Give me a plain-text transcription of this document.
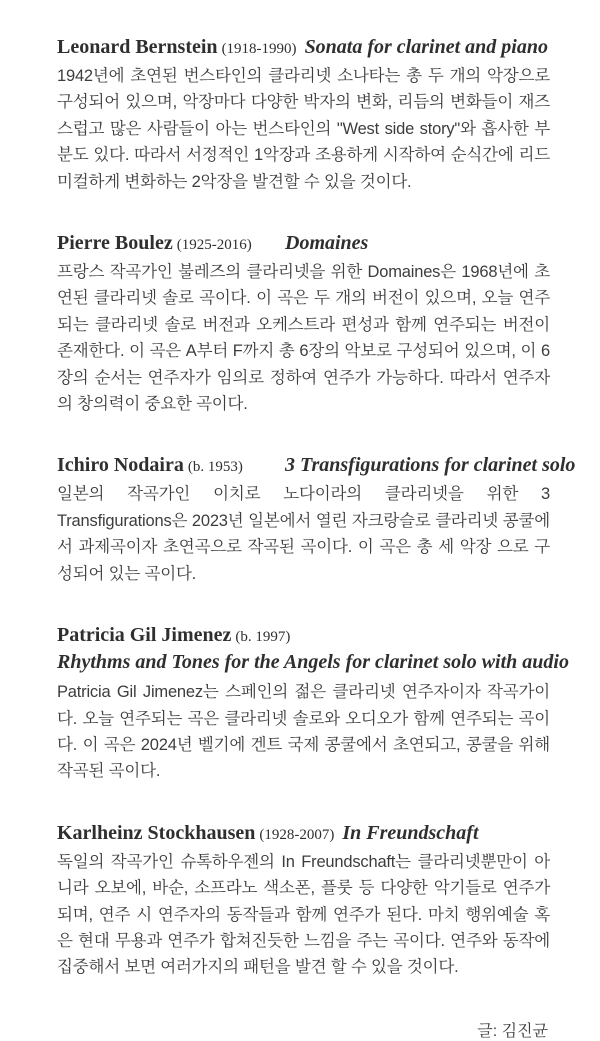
Leonard Bernstein (1918-1990) Sonata for clarinet and piano
1942년에 초연된 번스타인의 클라리넷 소나타는 총 두 개의 악장으로 구성되어 있으며, 악장마다 다양한 박자의 변화, 리듬의 변화들이 재즈스럽고 많은 사람들이 아는 번스타인의 "West side story"와 흡사한 부분도 있다. 따라서 서정적인 1악장과 조용하게 시작하여 순식간에 리드미컬하게 변화하는 2악장을 발견할 수 있을 것이다.
Pierre Boulez (1925-2016) Domaines
프랑스 작곡가인 불레즈의 클라리넷을 위한 Domaines은 1968년에 초연된 클라리넷 솔로 곡이다. 이 곡은 두 개의 버전이 있으며, 오늘 연주되는 클라리넷 솔로 버전과 오케스트라 편성과 함께 연주되는 버전이 존재한다. 이 곡은 A부터 F까지 총 6장의 악보로 구성되어 있으며, 이 6장의 순서는 연주자가 임의로 정하여 연주가 가능하다. 따라서 연주자의 창의력이 중요한 곡이다.
Ichiro Nodaira (b. 1953) 3 Transfigurations for clarinet solo
일본의 작곡가인 이치로 노다이라의 클라리넷을 위한 3 Transfigurations은 2023년 일본에서 열린 자크랑슬로 클라리넷 콩쿨에서 과제곡이자 초연곡으로 작곡된 곡이다. 이 곡은 총 세 악장 으로 구성되어 있는 곡이다.
Patricia Gil Jimenez (b. 1997)
Rhythms and Tones for the Angels for clarinet solo with audio
Patricia Gil Jimenez는 스페인의 젊은 클라리넷 연주자이자 작곡가이다. 오늘 연주되는 곡은 클라리넷 솔로와 오디오가 함께 연주되는 곡이다. 이 곡은 2024년 벨기에 겐트 국제 콩쿨에서 초연되고, 콩쿨을 위해 작곡된 곡이다.
Karlheinz Stockhausen (1928-2007) In Freundschaft
독일의 작곡가인 슈톡하우젠의 In Freundschaft는 클라리넷뿐만이 아니라 오보에, 바순, 소프라노 색소폰, 플룻 등 다양한 악기들로 연주가 되며, 연주 시 연주자의 동작들과 함께 연주가 된다. 마치 행위예술 혹은 현대 무용과 연주가 합쳐진듯한 느낌을 주는 곡이다. 연주와 동작에 집중해서 보면 여러가지의 패턴을 발견 할 수 있을 것이다.
글: 김진균
